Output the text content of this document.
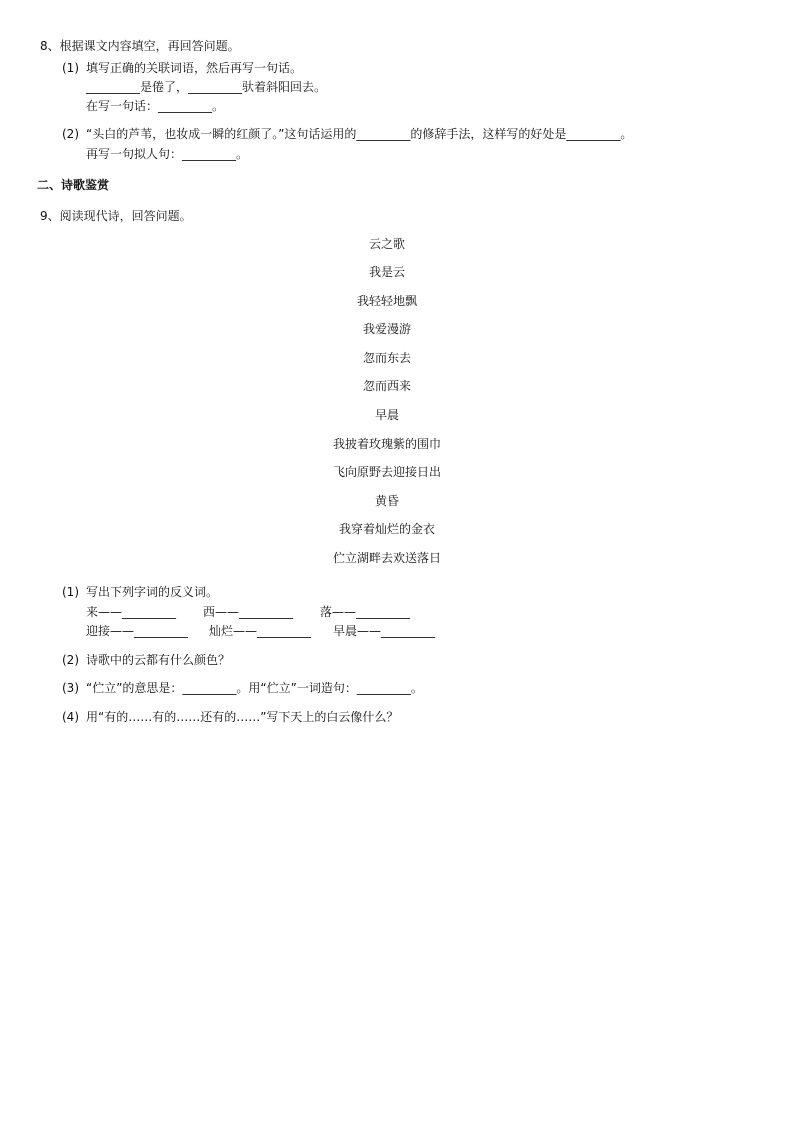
8、根据课文内容填空，再回答问题。
(1) 填写正确的关联词语，然后再写一句话。
_________是倦了，_________驮着斜阳回去。
在写一句话：_________。
(2) “头白的芦苇，也妆成一瞬的红颜了。”这句话运用的_________的修辞手法，这样写的好处是_________。
再写一句拟人句：_________。
二、诗歌鉴赏
9、阅读现代诗，回答问题。
云之歌
我是云
我轻轻地飘
我爱漫游
忽而东去
忽而西来
早晨
我披着玫瑰紫的围巾
飞向原野去迎接日出
黄昏
我穿着灿烂的金衣
伫立湖畔去欢送落日
(1) 写出下列字词的反义词。
来——_________ 西——_________ 落——_________
迎接——_________ 灿烂——_________ 早晨——_________
(2) 诗歌中的云都有什么颜色？
(3) “伫立”的意思是：_________。用“伫立”一词造句：_________。
(4) 用“有的……有的……还有的……”写下天上的白云像什么？
